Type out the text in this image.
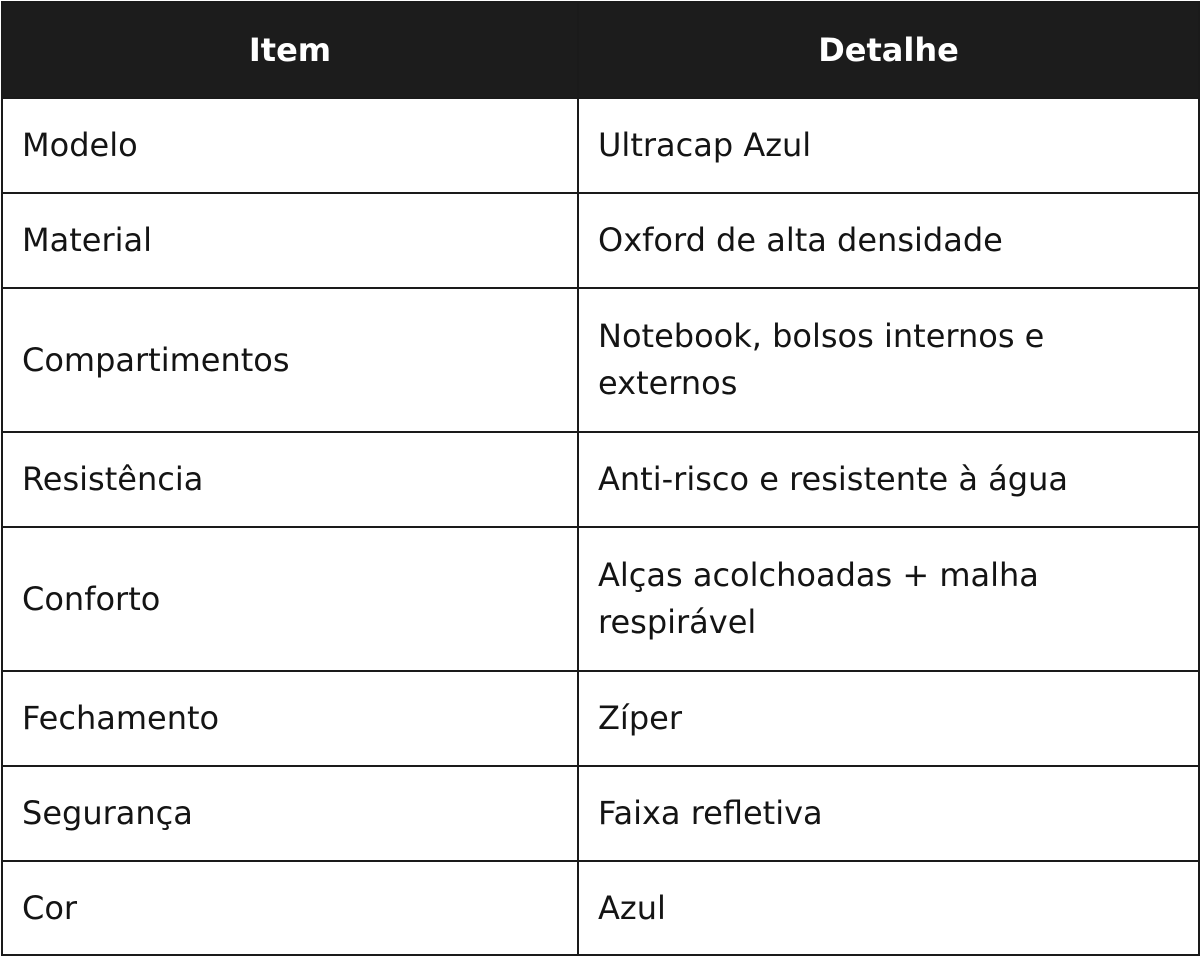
Item	Detalhe
Modelo	Ultracap Azul
Material	Oxford de alta densidade
Compartimentos	Notebook, bolsos internos e externos
Resistência	Anti-risco e resistente à água
Conforto	Alças acolchoadas + malha respirável
Fechamento	Zíper
Segurança	Faixa refletiva
Cor	Azul
